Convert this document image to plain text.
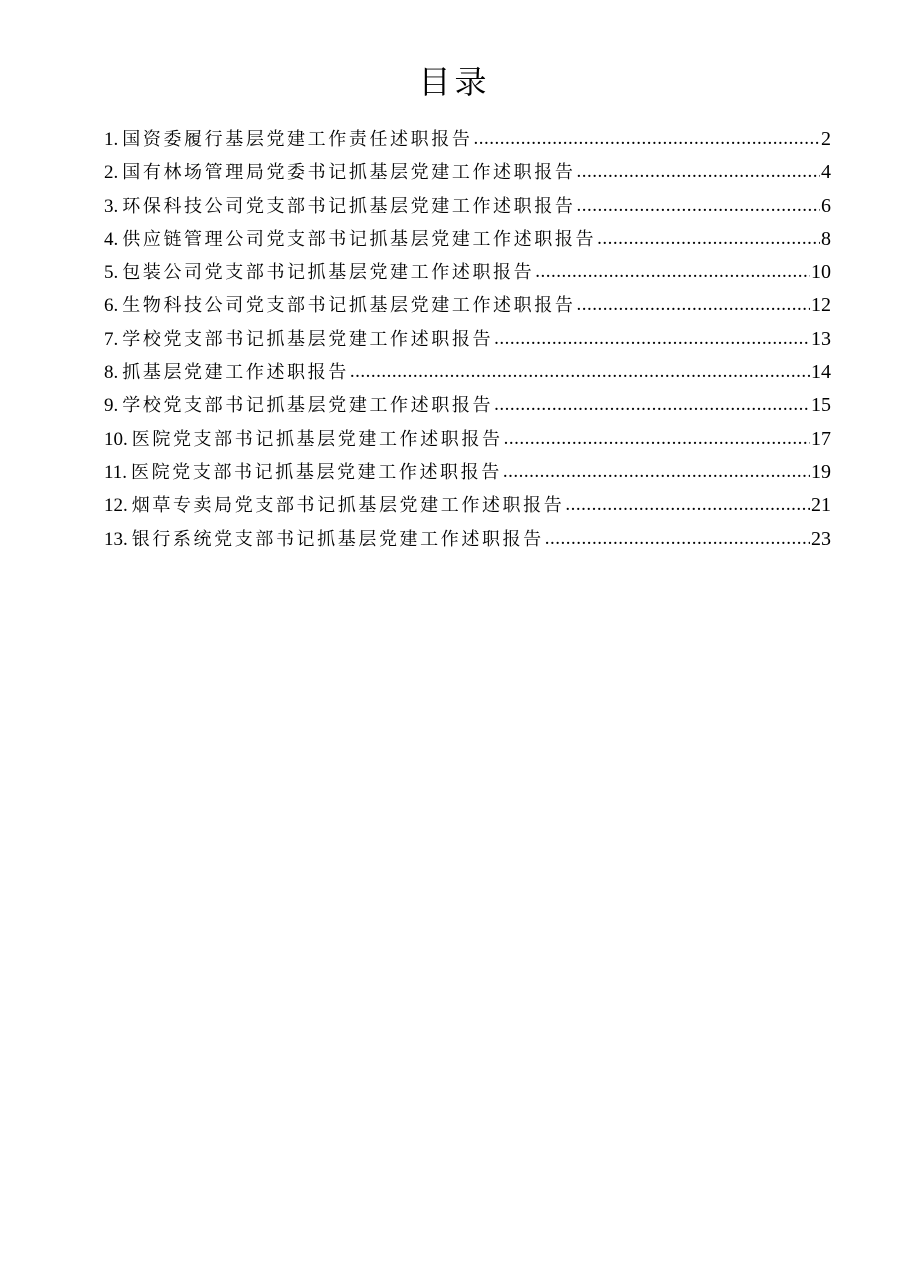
目录
1. 国资委履行基层党建工作责任述职报告 .....	2
2. 国有林场管理局党委书记抓基层党建工作述职报告 .....	4
3. 环保科技公司党支部书记抓基层党建工作述职报告 .....	6
4. 供应链管理公司党支部书记抓基层党建工作述职报告 .....	8
5. 包装公司党支部书记抓基层党建工作述职报告 .....	10
6. 生物科技公司党支部书记抓基层党建工作述职报告 .....	12
7. 学校党支部书记抓基层党建工作述职报告 .....	13
8. 抓基层党建工作述职报告 .....	14
9. 学校党支部书记抓基层党建工作述职报告 .....	15
10. 医院党支部书记抓基层党建工作述职报告 .....	17
11. 医院党支部书记抓基层党建工作述职报告 .....	19
12. 烟草专卖局党支部书记抓基层党建工作述职报告 .....	21
13. 银行系统党支部书记抓基层党建工作述职报告 .....	23
